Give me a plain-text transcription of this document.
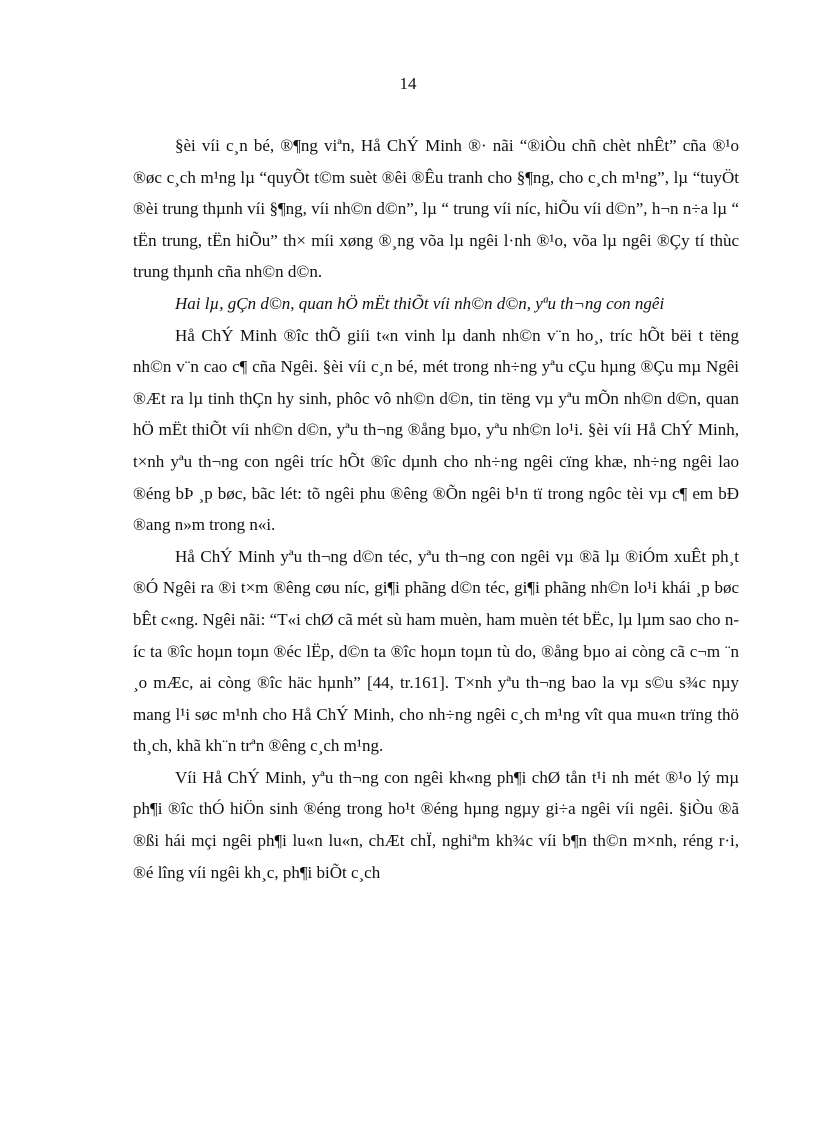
14

§èi víi c¸n bé, ®¶ng viªn, Hå ChÝ Minh ®· nãi “®iÒu chñ chèt nhÊt” cña ®¹o ®øc c¸ch m¹ng lµ “quyÕt t©m suèt ®êi ®Êu tranh cho §¶ng, cho c¸ch m¹ng”, lµ “tuyÖt ®èi trung thµnh víi §¶ng, víi nh©n d©n”, lµ “ trung víi níc, hiÕu víi d©n”, h¬n n÷a lµ “ tËn trung, tËn hiÕu” th× míi xøng ®¸ng võa lµ ngêi l·nh ®¹o, võa lµ ngêi ®Çy tí thùc trung thµnh cña nh©n d©n.

Hai lµ, gÇn d©n, quan hÖ mËt thiÕt víi nh©n d©n, yªu th¬ng con ngêi

Hå ChÝ Minh ®îc thÕ giíi t«n vinh lµ danh nh©n v¨n ho¸, tríc hÕt bëi t tëng nh©n v¨n cao c¶ cña Ngêi. §èi víi c¸n bé, mét trong nh÷ng yªu cÇu hµng ®Çu mµ Ngêi ®Æt ra lµ tinh thÇn hy sinh, phôc vô nh©n d©n, tin tëng vµ yªu mÕn nh©n d©n, quan hÖ mËt thiÕt víi nh©n d©n, yªu th¬ng ®ång bµo, yªu nh©n lo¹i. §èi víi Hå ChÝ Minh, t×nh yªu th¬ng con ngêi tríc hÕt ®îc dµnh cho nh÷ng ngêi cïng khæ, nh÷ng ngêi lao ®éng bÞ ¸p bøc, bãc lét: tõ ngêi phu ®êng ®Õn ngêi b¹n tï trong ngôc tèi vµ c¶ em bÐ ®ang n»m trong n«i.

Hå ChÝ Minh yªu th¬ng d©n téc, yªu th¬ng con ngêi vµ ®ã lµ ®iÓm xuÊt ph¸t ®Ó Ngêi ra ®i t×m ®êng cøu níc, gi¶i phãng d©n téc, gi¶i phãng nh©n lo¹i khái ¸p bøc bÊt c«ng. Ngêi nãi: “T«i chØ cã mét sù ham muèn, ham muèn tét bËc, lµ lµm sao cho níc ta ®îc hoµn toµn ®éc lËp, d©n ta ®îc hoµn toµn tù do, ®ång bµo ai còng cã c¬m ¨n ¸o mÆc, ai còng ®îc häc hµnh” [44, tr.161]. T×nh yªu th¬ng bao la vµ s©u s¾c nµy mang l¹i søc m¹nh cho Hå ChÝ Minh, cho nh÷ng ngêi c¸ch m¹ng vît qua mu«n trïng thö th¸ch, khã kh¨n trªn ®êng c¸ch m¹ng.

Víi Hå ChÝ Minh, yªu th¬ng con ngêi kh«ng ph¶i chØ tån t¹i nh mét ®¹o lý mµ ph¶i ®îc thÓ hiÖn sinh ®éng trong ho¹t ®éng hµng ngµy gi÷a ngêi víi ngêi. §iÒu ®ã ®ßi hái mçi ngêi ph¶i lu«n lu«n, chÆt chÏ, nghiªm kh¾c víi b¶n th©n m×nh, réng r·i, ®é lîng víi ngêi kh¸c, ph¶i biÕt c¸ch
